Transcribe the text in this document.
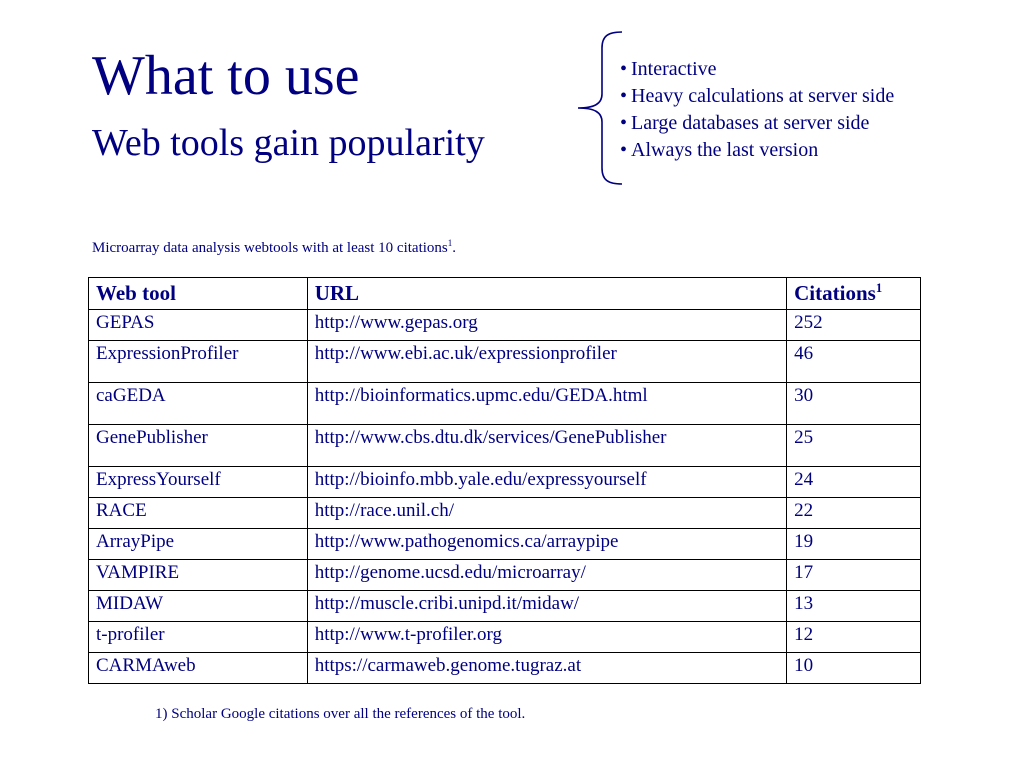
What to use
Web tools gain popularity
• Interactive
• Heavy calculations at server side
• Large databases at server side
• Always the last version
Microarray data analysis webtools with at least 10 citations$^1$.
Web tool	URL	Citations$^1$
GEPAS	http://www.gepas.org	252
ExpressionProfiler	http://www.ebi.ac.uk/expressionprofiler	46
caGEDA	http://bioinformatics.upmc.edu/GEDA.html	30
GenePublisher	http://www.cbs.dtu.dk/services/GenePublisher	25
ExpressYourself	http://bioinfo.mbb.yale.edu/expressyourself	24
RACE	http://race.unil.ch/	22
ArrayPipe	http://www.pathogenomics.ca/arraypipe	19
VAMPIRE	http://genome.ucsd.edu/microarray/	17
MIDAW	http://muscle.cribi.unipd.it/midaw/	13
t-profiler	http://www.t-profiler.org	12
CARMAweb	https://carmaweb.genome.tugraz.at	10
1) Scholar Google citations over all the references of the tool.
